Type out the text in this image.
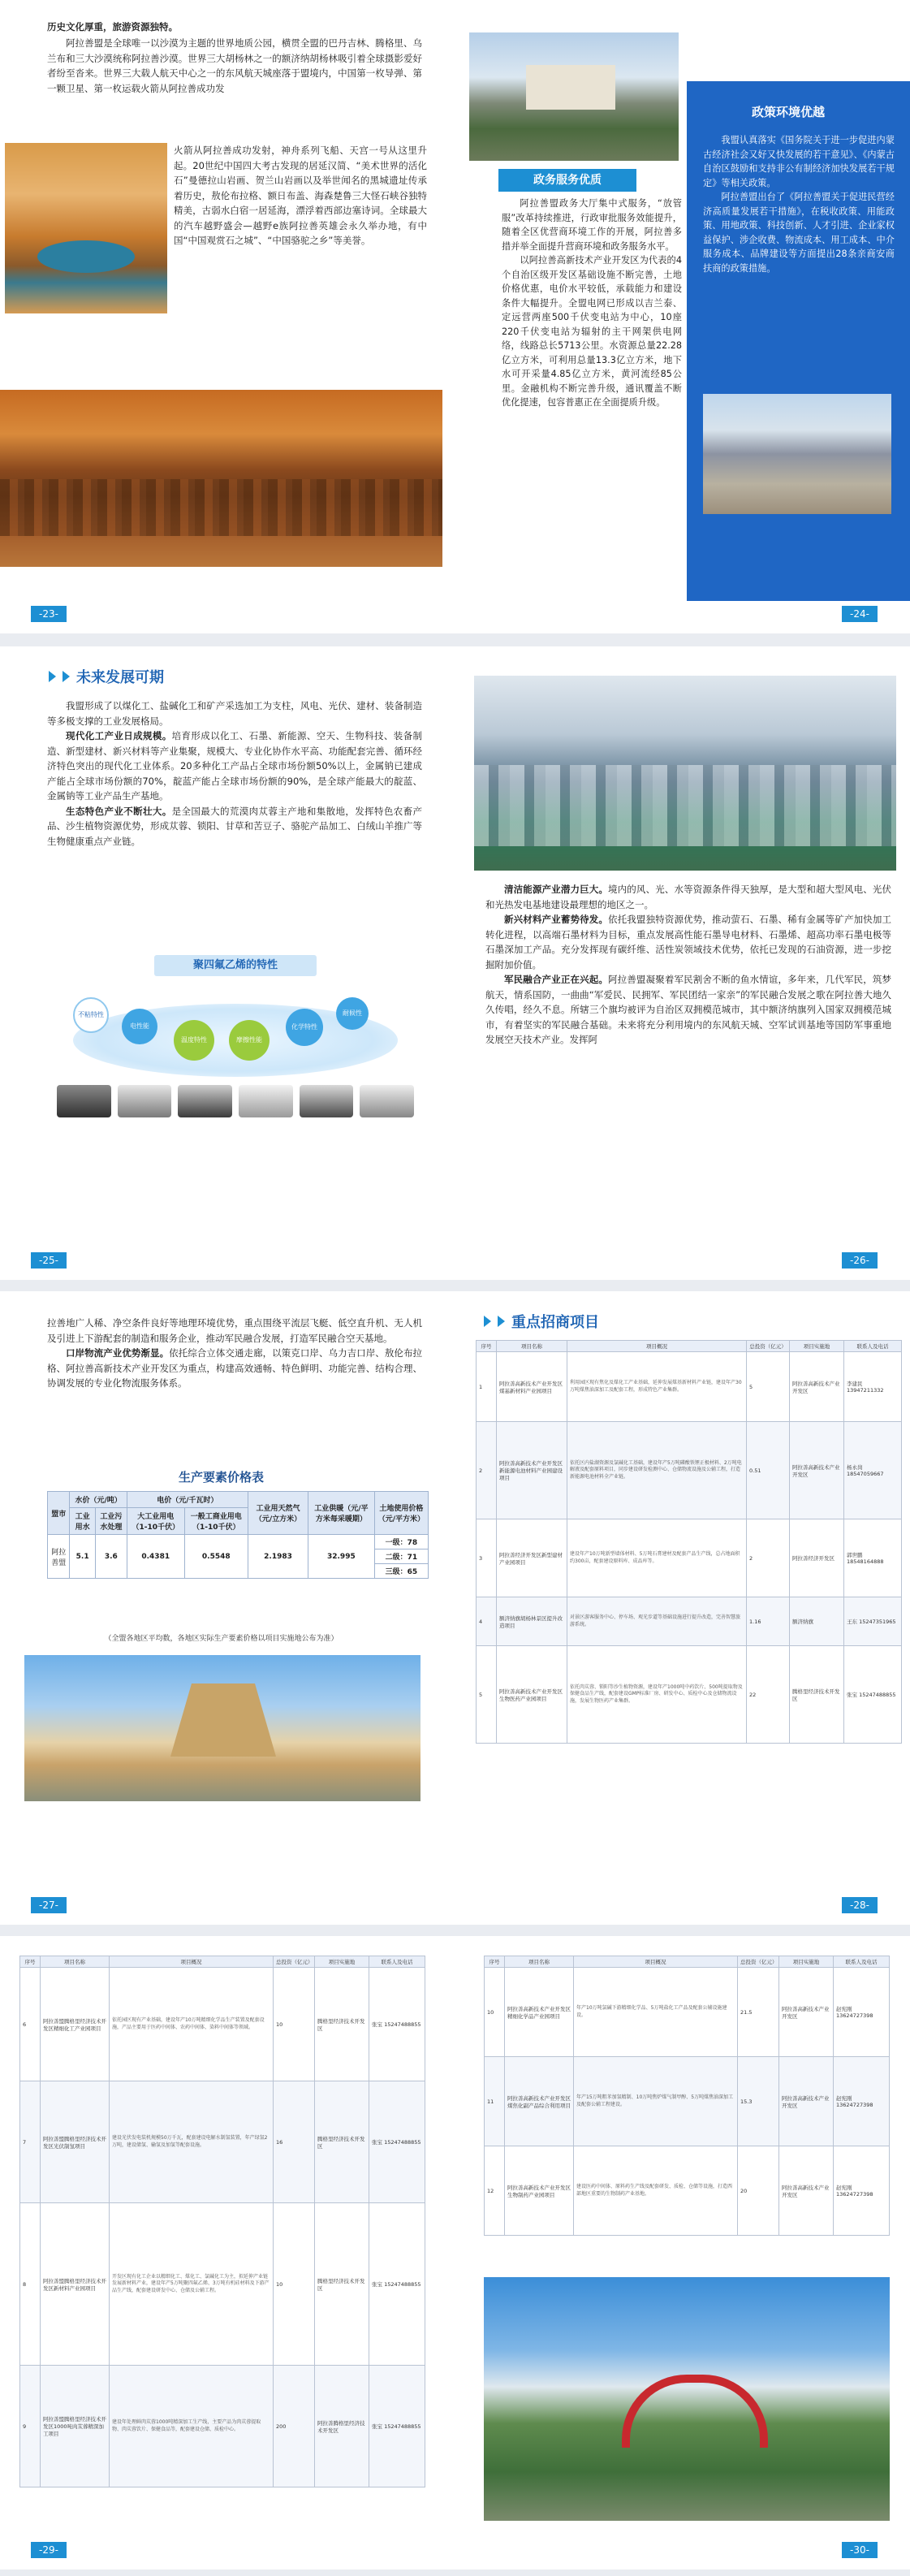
历史文化厚重，旅游资源独特。

阿拉善盟是全球唯一以沙漠为主题的世界地质公园，横贯全盟的巴丹吉林、腾格里、乌兰布和三大沙漠统称阿拉善沙漠。世界三大胡杨林之一的额济纳胡杨林吸引着全球摄影爱好者纷至沓来。世界三大载人航天中心之一的东风航天城座落于盟境内，中国第一枚导弹、第一颗卫星、第一枚运载火箭从阿拉善成功发

火箭从阿拉善成功发射，神舟系列飞船、天宫一号从这里升起。20世纪中国四大考古发现的居延汉简、“美术世界的活化石”曼德拉山岩画、贺兰山岩画以及举世闻名的黑城遗址传承着历史，敖伦布拉格、额日布盖、海森楚鲁三大怪石峡谷独特精美，古弱水白宿一居延海，漂浮着西部边塞诗词。全球最大的汽车越野盛会—越野e族阿拉善英雄会永久举办地，有中国“中国观赏石之城”、“中国骆驼之乡”等美誉。

-23-
政务服务优质

阿拉善盟政务大厅集中式服务，“放管服”改革持续推进，行政审批服务效能提升，随着全区优营商环境工作的开展，阿拉善多措并举全面提升营商环境和政务服务水平。

以阿拉善高新技术产业开发区为代表的4个自治区级开发区基础设施不断完善，土地价格优惠，电价水平较低，承载能力和建设条件大幅提升。全盟电网已形成以吉兰泰、定远营两座500千伏变电站为中心，10座220千伏变电站为辐射的主干网架供电网络，线路总长5713公里。水资源总量22.28亿立方米，可利用总量13.3亿立方米，地下水可开采量4.85亿立方米，黄河流经85公里。金融机构不断完善升级，通讯覆盖不断优化提速，包容普惠正在全面提质升级。

政策环境优越

我盟认真落实《国务院关于进一步促进内蒙古经济社会又好又快发展的若干意见》、《内蒙古自治区鼓励和支持非公有制经济加快发展若干规定》等相关政策。

阿拉善盟出台了《阿拉善盟关于促进民营经济高质量发展若干措施》，在税收政策、用能政策、用地政策、科技创新、人才引进、企业家权益保护、涉企收费、物流成本、用工成本、中介服务成本、品牌建设等方面提出28条亲商安商扶商的政策措施。

-24-
未来发展可期

我盟形成了以煤化工、盐碱化工和矿产采选加工为支柱，风电、光伏、建材、装备制造等多极支撑的工业发展格局。

现代化工产业日成规模。培育形成以化工、石墨、新能源、空天、生物科技、装备制造、新型建材、新兴材料等产业集聚，规模大、专业化协作水平高、功能配套完善、循环经济特色突出的现代化工业体系。20多种化工产品占全球市场份额50%以上，金属钠已建成产能占全球市场份额的70%，靛蓝产能占全球市场份额的90%，是全球产能最大的靛蓝、金属钠等工业产品生产基地。

生态特色产业不断壮大。是全国最大的荒漠肉苁蓉主产地和集散地，发挥特色农畜产品、沙生植物资源优势，形成苁蓉、锁阳、甘草和苦豆子、骆驼产品加工、白绒山羊推广等生物健康重点产业链。

聚四氟乙烯的特性
不粘特性
电性能
温度特性	摩擦性能
化学特性
耐候性
-25-

清洁能源产业潜力巨大。境内的风、光、水等资源条件得天独厚，是大型和超大型风电、光伏和光热发电基地建设最理想的地区之一。

新兴材料产业蓄势待发。依托我盟独特资源优势，推动萤石、石墨、稀有金属等矿产加快加工转化进程，以高端石墨材料为目标，重点发展高性能石墨导电材料、石墨烯、超高功率石墨电极等石墨深加工产品。充分发挥现有碳纤维、活性炭领域技术优势，依托已发现的石油资源，进一步挖掘附加价值。

军民融合产业正在兴起。阿拉善盟凝聚着军民割舍不断的鱼水情谊，多年来，几代军民，筑梦航天，情系国防，一曲曲“军爱民、民拥军、军民团结一家亲”的军民融合发展之歌在阿拉善大地久久传唱，经久不息。所辖三个旗均被评为自治区双拥模范城市，其中额济纳旗列入国家双拥模范城市，有着坚实的军民融合基础。未来将充分利用境内的东风航天城、空军试训基地等国防军事重地发展空天技术产业。发挥阿

-26-

拉善地广人稀、净空条件良好等地理环境优势，重点围绕平流层飞艇、低空直升机、无人机及引进上下游配套的制造和服务企业，推动军民融合发展，打造军民融合空天基地。

口岸物流产业优势渐显。依托综合立体交通走廊，以策克口岸、乌力吉口岸、敖伦布拉格、阿拉善高新技术产业开发区为重点，构建高效通畅、特色鲜明、功能完善、结构合理、协调发展的专业化物流服务体系。

生产要素价格表
盟市	水价（元/吨）		电价（元/千瓦时）		工业用天然气（元/立方米）	工业供暖（元/平方米每采暖期）	土地使用价格（元/平方米）
	工业用水	工业污水处理	大工业用电（1-10千伏）	一般工商业用电（1-10千伏）			
阿拉善盟	5.1	3.6	0.4381	0.5548	2.1983	32.995	一级：78
二级：71
三级：65
（全盟各地区平均数，各地区实际生产要素价格以项目实施地公布为准）
-27-
重点招商项目
序号	项目名称	项目概况	总投资（亿元）	项目实施地	联系人及电话
1	阿拉善高新技术产业开发区煤基新材料产业园项目	利用园区现有焦化及煤化工产业基础，延伸发展煤基新材料产业链，建设年产30万吨煤焦油深加工及配套工程，形成特色产业集群。	5	阿拉善高新技术产业开发区	李建民 13947211332
2	阿拉善高新技术产业开发区新能源电池材料产业园建设项目	依托区内盐湖资源及氯碱化工基础，建设年产5万吨磷酸铁锂正极材料、2万吨电解液及配套原料项目，同步建设研发检测中心、仓储物流设施及公辅工程，打造新能源电池材料全产业链。	0.51	阿拉善高新技术产业开发区	杨永岗 18547059667
3	阿拉善经济开发区新型建材产业园项目	建设年产10万吨新型墙体材料、5万吨石膏建材及配套产品生产线，总占地面积约300亩，配套建设原料库、成品库等。	2	阿拉善经济开发区	郭世鹏 18548164888
4	额济纳旗胡杨林景区提升改造项目	对景区游客服务中心、停车场、观光步道等基础设施进行提升改造，完善智慧旅游系统。	1.16	额济纳旗	王东 15247351965
5	阿拉善高新技术产业开发区生物医药产业园项目	依托肉苁蓉、锁阳等沙生植物资源，建设年产1000吨中药饮片、500吨提取物及保健食品生产线，配套建设GMP标准厂房、研发中心、质检中心及仓储物流设施，发展生物医药产业集群。	22	腾格里经济技术开发区	张宝 15247488855
-28-
序号	项目名称	项目概况	总投资（亿元）	项目实施地	联系人及电话
6	阿拉善盟腾格里经济技术开发区精细化工产业园项目	依托园区现有产业基础，建设年产10万吨精细化学品生产装置及配套设施，产品主要用于医药中间体、农药中间体、染料中间体等领域。	10	腾格里经济技术开发区	张宝 15247488855
7	阿拉善盟腾格里经济技术开发区光伏制氢项目	建设光伏发电装机规模50万千瓦，配套建设电解水制氢装置，年产绿氢2万吨，建设储氢、输氢及加氢等配套设施。	16	腾格里经济技术开发区	张宝 15247488855
8	阿拉善盟腾格里经济技术开发区新材料产业园项目	开发区现有化工企业以精细化工、煤化工、氯碱化工为主，拟延伸产业链发展新材料产业，建设年产5万吨聚四氟乙烯、3万吨有机硅材料及下游产品生产线，配套建设研发中心、仓储及公辅工程。	10	腾格里经济技术开发区	张宝 15247488855
9	阿拉善盟腾格里经济技术开发区1000吨肉苁蓉精深加工项目	建设年处理鲜肉苁蓉1000吨精深加工生产线，主要产品为肉苁蓉提取物、肉苁蓉饮片、保健食品等，配套建设仓储、质检中心。	200	阿拉善腾格里经济技术开发区	张宝 15247488855
-29-
序号	项目名称	项目概况	总投资（亿元）	项目实施地	联系人及电话
10	阿拉善高新技术产业开发区精细化学品产业园项目	年产10万吨氯碱下游精细化学品、5万吨盐化工产品及配套公辅设施建设。	21.5	阿拉善高新技术产业开发区	赵宪刚 13624727398
11	阿拉善高新技术产业开发区煤焦化副产品综合利用项目	年产15万吨粗苯加氢精制、10万吨焦炉煤气制甲醇、5万吨煤焦油深加工及配套公辅工程建设。	15.3	阿拉善高新技术产业开发区	赵宪刚 13624727398
12	阿拉善高新技术产业开发区生物制药产业园项目	建设医药中间体、原料药生产线及配套研发、质检、仓储等设施，打造西部地区重要的生物制药产业基地。	20	阿拉善高新技术产业开发区	赵宪刚 13624727398
-30-
